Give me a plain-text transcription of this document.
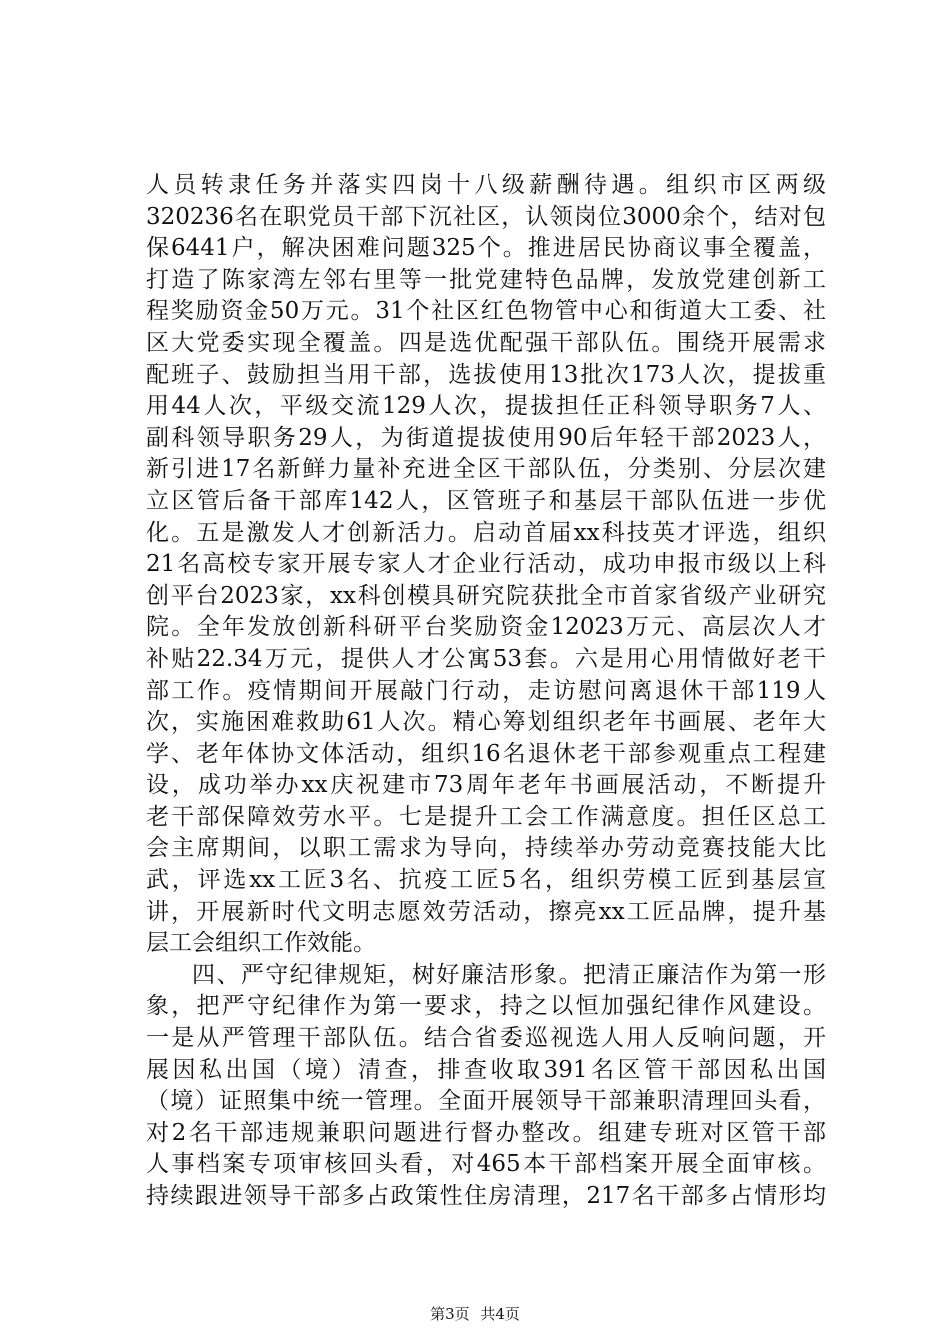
人员转隶任务并落实四岗十八级薪酬待遇。组织市区两级
320236名在职党员干部下沉社区，认领岗位3000余个，结对包
保6441户，解决困难问题325个。推进居民协商议事全覆盖，
打造了陈家湾左邻右里等一批党建特色品牌，发放党建创新工
程奖励资金50万元。31个社区红色物管中心和街道大工委、社
区大党委实现全覆盖。四是选优配强干部队伍。围绕开展需求
配班子、鼓励担当用干部，选拔使用13批次173人次，提拔重
用44人次，平级交流129人次，提拔担任正科领导职务7人、
副科领导职务29人，为街道提拔使用90后年轻干部2023人，
新引进17名新鲜力量补充进全区干部队伍，分类别、分层次建
立区管后备干部库142人，区管班子和基层干部队伍进一步优
化。五是激发人才创新活力。启动首届xx科技英才评选，组织
21名高校专家开展专家人才企业行活动，成功申报市级以上科
创平台2023家，xx科创模具研究院获批全市首家省级产业研究
院。全年发放创新科研平台奖励资金12023万元、高层次人才
补贴22.34万元，提供人才公寓53套。六是用心用情做好老干
部工作。疫情期间开展敲门行动，走访慰问离退休干部119人
次，实施困难救助61人次。精心筹划组织老年书画展、老年大
学、老年体协文体活动，组织16名退休老干部参观重点工程建
设，成功举办xx庆祝建市73周年老年书画展活动，不断提升
老干部保障效劳水平。七是提升工会工作满意度。担任区总工
会主席期间，以职工需求为导向，持续举办劳动竞赛技能大比
武，评选xx工匠3名、抗疫工匠5名，组织劳模工匠到基层宣
讲，开展新时代文明志愿效劳活动，擦亮xx工匠品牌，提升基
层工会组织工作效能。
四、严守纪律规矩，树好廉洁形象。把清正廉洁作为第一形
象，把严守纪律作为第一要求，持之以恒加强纪律作风建设。
一是从严管理干部队伍。结合省委巡视选人用人反响问题，开
展因私出国（境）清查，排查收取391名区管干部因私出国
（境）证照集中统一管理。全面开展领导干部兼职清理回头看，
对2名干部违规兼职问题进行督办整改。组建专班对区管干部
人事档案专项审核回头看，对465本干部档案开展全面审核。
持续跟进领导干部多占政策性住房清理，217名干部多占情形均
第3页 共4页
